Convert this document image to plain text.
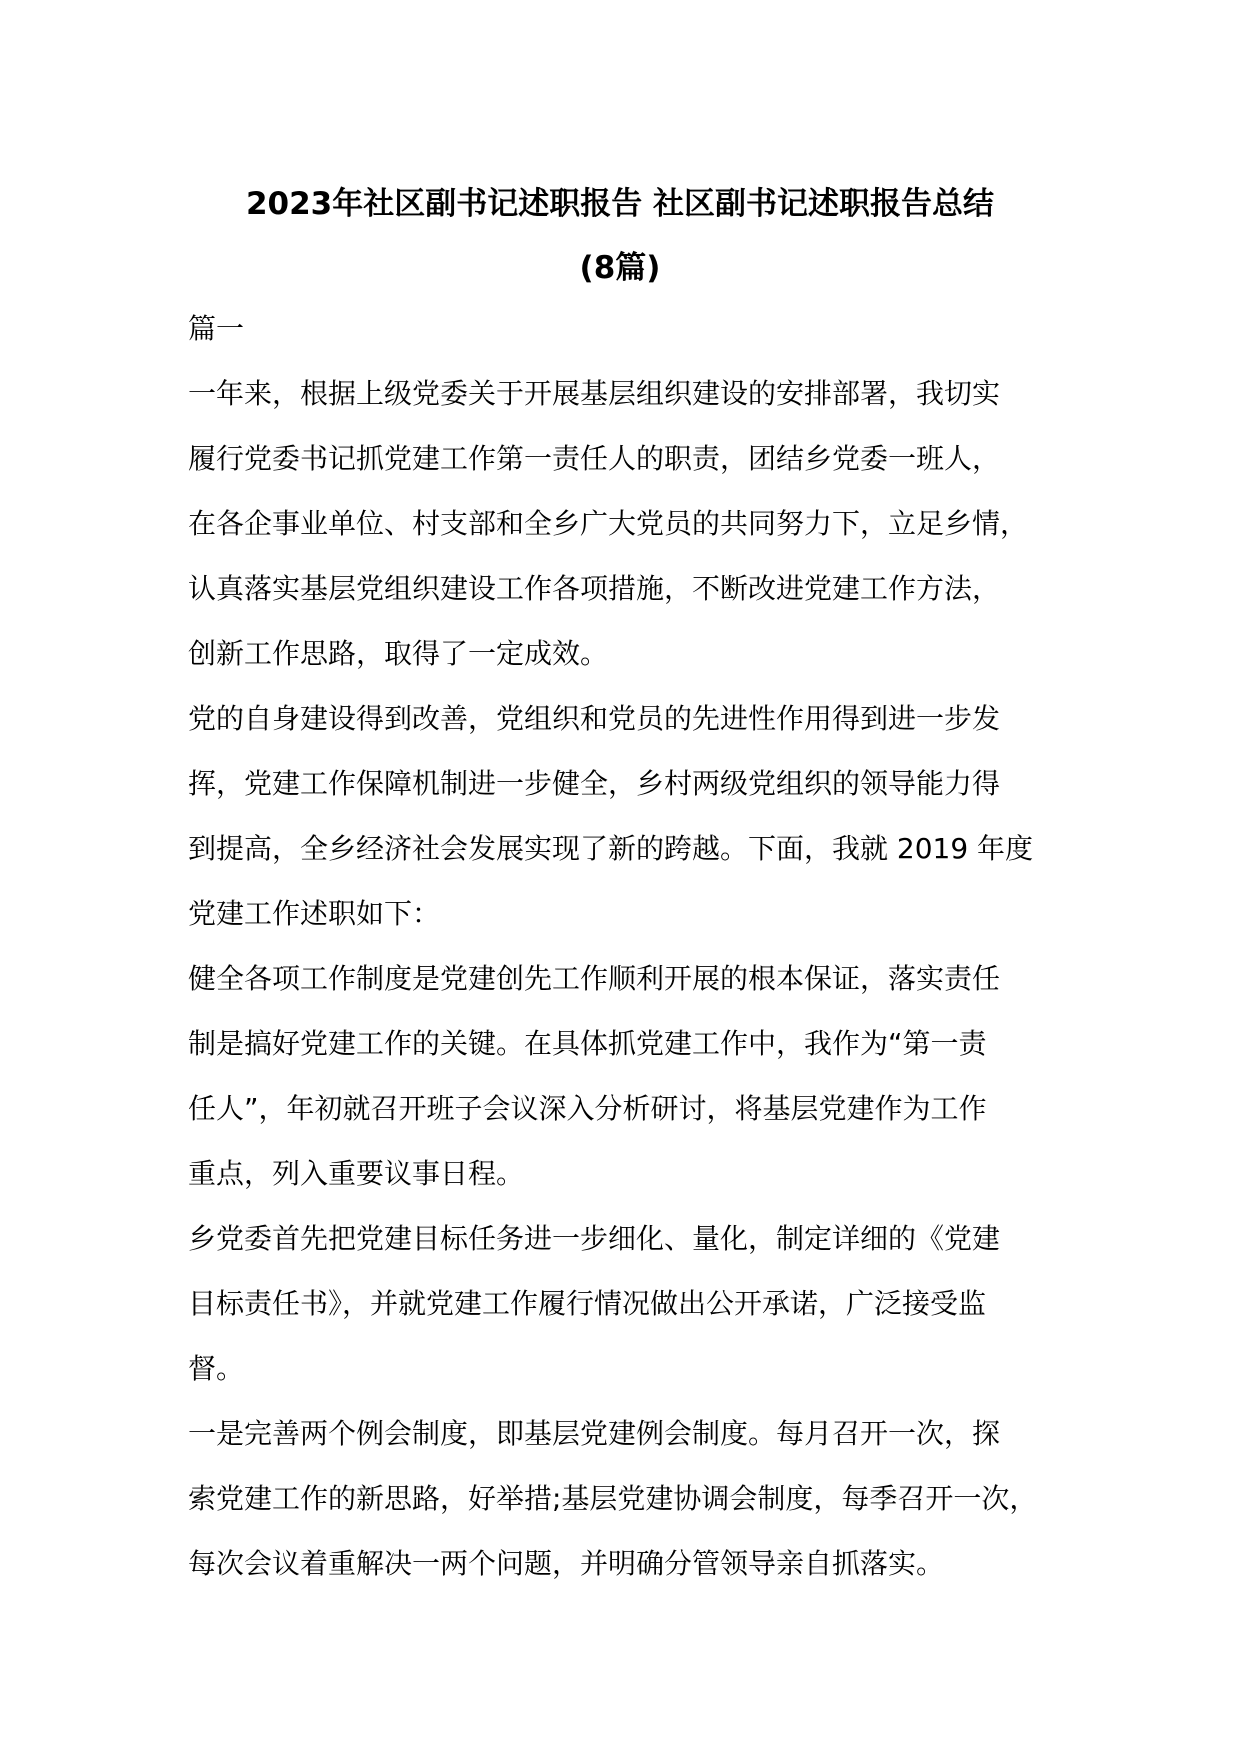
2023年社区副书记述职报告 社区副书记述职报告总结
(8篇)
篇一
一年来，根据上级党委关于开展基层组织建设的安排部署，我切实
履行党委书记抓党建工作第一责任人的职责，团结乡党委一班人，
在各企事业单位、村支部和全乡广大党员的共同努力下，立足乡情，
认真落实基层党组织建设工作各项措施，不断改进党建工作方法，
创新工作思路，取得了一定成效。
党的自身建设得到改善，党组织和党员的先进性作用得到进一步发
挥，党建工作保障机制进一步健全，乡村两级党组织的领导能力得
到提高，全乡经济社会发展实现了新的跨越。下面，我就 2019 年度
党建工作述职如下：
健全各项工作制度是党建创先工作顺利开展的根本保证，落实责任
制是搞好党建工作的关键。在具体抓党建工作中，我作为“第一责
任人”，年初就召开班子会议深入分析研讨，将基层党建作为工作
重点，列入重要议事日程。
乡党委首先把党建目标任务进一步细化、量化，制定详细的《党建
目标责任书》，并就党建工作履行情况做出公开承诺，广泛接受监
督。
一是完善两个例会制度，即基层党建例会制度。每月召开一次，探
索党建工作的新思路，好举措;基层党建协调会制度，每季召开一次，
每次会议着重解决一两个问题，并明确分管领导亲自抓落实。
